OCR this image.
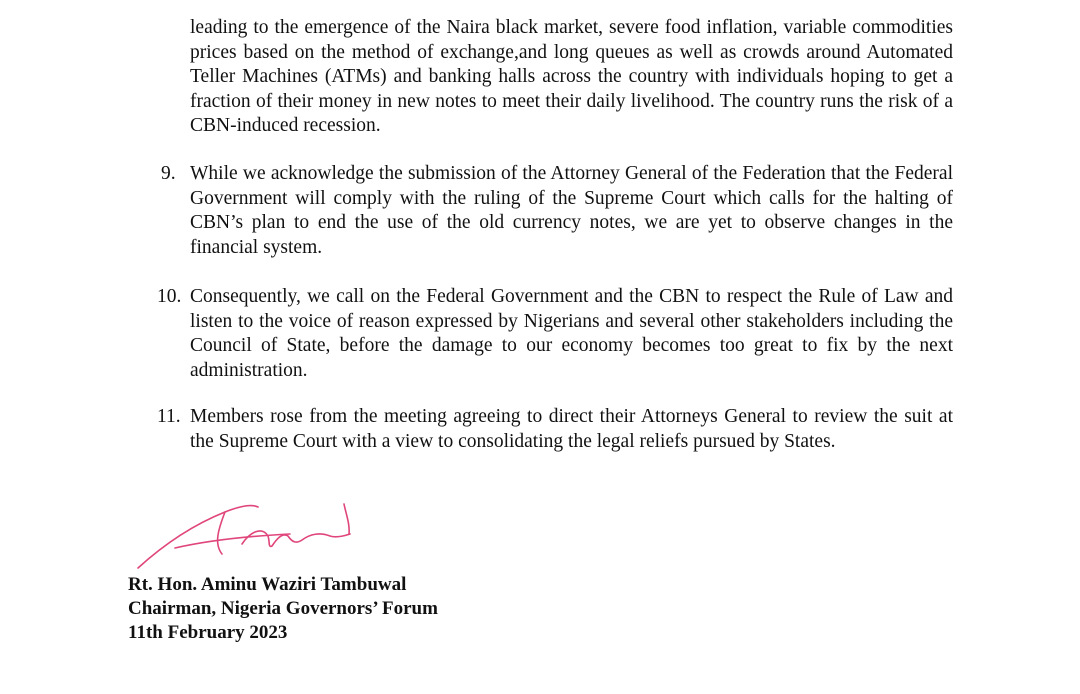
leading to the emergence of the Naira black market, severe food inflation, variable commodities prices based on the method of exchange,and long queues as well as crowds around Automated Teller Machines (ATMs) and banking halls across the country with individuals hoping to get a fraction of their money in new notes to meet their daily livelihood. The country runs the risk of a CBN-induced recession.
9. While we acknowledge the submission of the Attorney General of the Federation that the Federal Government will comply with the ruling of the Supreme Court which calls for the halting of CBN’s plan to end the use of the old currency notes, we are yet to observe changes in the financial system.
10. Consequently, we call on the Federal Government and the CBN to respect the Rule of Law and listen to the voice of reason expressed by Nigerians and several other stakeholders including the Council of State, before the damage to our economy becomes too great to fix by the next administration.
11. Members rose from the meeting agreeing to direct their Attorneys General to review the suit at the Supreme Court with a view to consolidating the legal reliefs pursued by States.
Rt. Hon. Aminu Waziri Tambuwal
Chairman, Nigeria Governors’ Forum
11th February 2023
